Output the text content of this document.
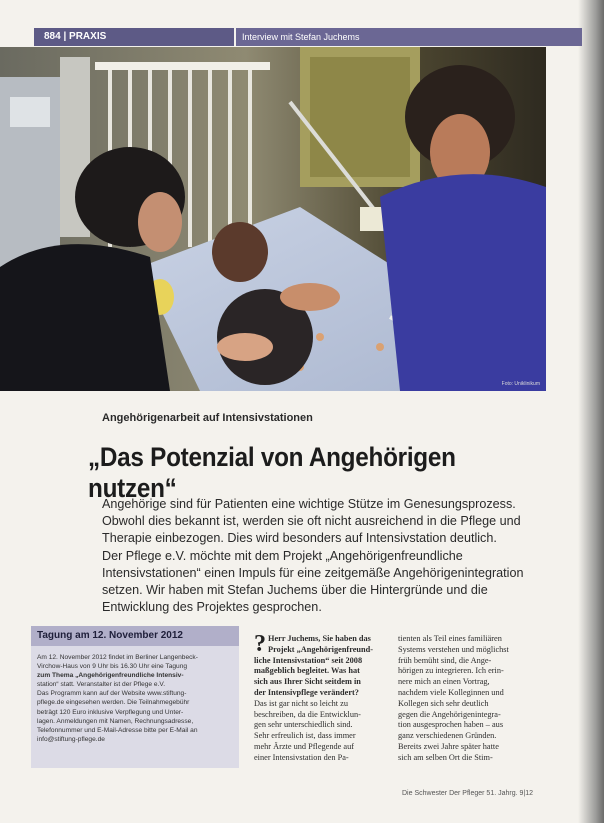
884 | PRAXIS	Interview mit Stefan Juchems
Foto: Uniklinikum
Angehörigenarbeit auf Intensivstationen
„Das Potenzial von Angehörigen nutzen“

Angehörige sind für Patienten eine wichtige Stütze im Genesungsprozess.

Obwohl dies bekannt ist, werden sie oft nicht ausreichend in die Pflege und

Therapie einbezogen. Dies wird besonders auf Intensivstation deutlich.

Der Pflege e.V. möchte mit dem Projekt „Angehörigenfreundliche

Intensivstationen“ einen Impuls für eine zeitgemäße Angehörigenintegration

setzen. Wir haben mit Stefan Juchems über die Hintergründe und die

Entwicklung des Projektes gesprochen.

Tagung am 12. November 2012
Am 12. November 2012 findet im Berliner Langenbeck-
Virchow-Haus von 9 Uhr bis 16.30 Uhr eine Tagung
zum Thema „Angehörigenfreundliche Intensiv-
station“ statt. Veranstalter ist der Pflege e.V.
Das Programm kann auf der Website www.stiftung-
pflege.de eingesehen werden. Die Teilnahmegebühr
beträgt 120 Euro inklusive Verpflegung und Unter-
lagen. Anmeldungen mit Namen, Rechnungsadresse,
Telefonnummer und E-Mail-Adresse bitte per E-Mail an
info@stiftung-pflege.de
? Herr Juchems, Sie haben das
Projekt „Angehörigenfreund-
liche Intensivstation“ seit 2008
maßgeblich begleitet. Was hat
sich aus Ihrer Sicht seitdem in
der Intensivpflege verändert?
Das ist gar nicht so leicht zu
beschreiben, da die Entwicklun-
gen sehr unterschiedlich sind.
Sehr erfreulich ist, dass immer
mehr Ärzte und Pflegende auf
einer Intensivstation den Pa-
tienten als Teil eines familiären
Systems verstehen und möglichst
früh bemüht sind, die Ange-
hörigen zu integrieren. Ich erin-
nere mich an einen Vortrag,
nachdem viele Kolleginnen und
Kollegen sich sehr deutlich
gegen die Angehörigenintegra-
tion ausgesprochen haben – aus
ganz verschiedenen Gründen.
Bereits zwei Jahre später hatte
sich am selben Ort die Stim-
Die Schwester Der Pfleger 51. Jahrg. 9|12
